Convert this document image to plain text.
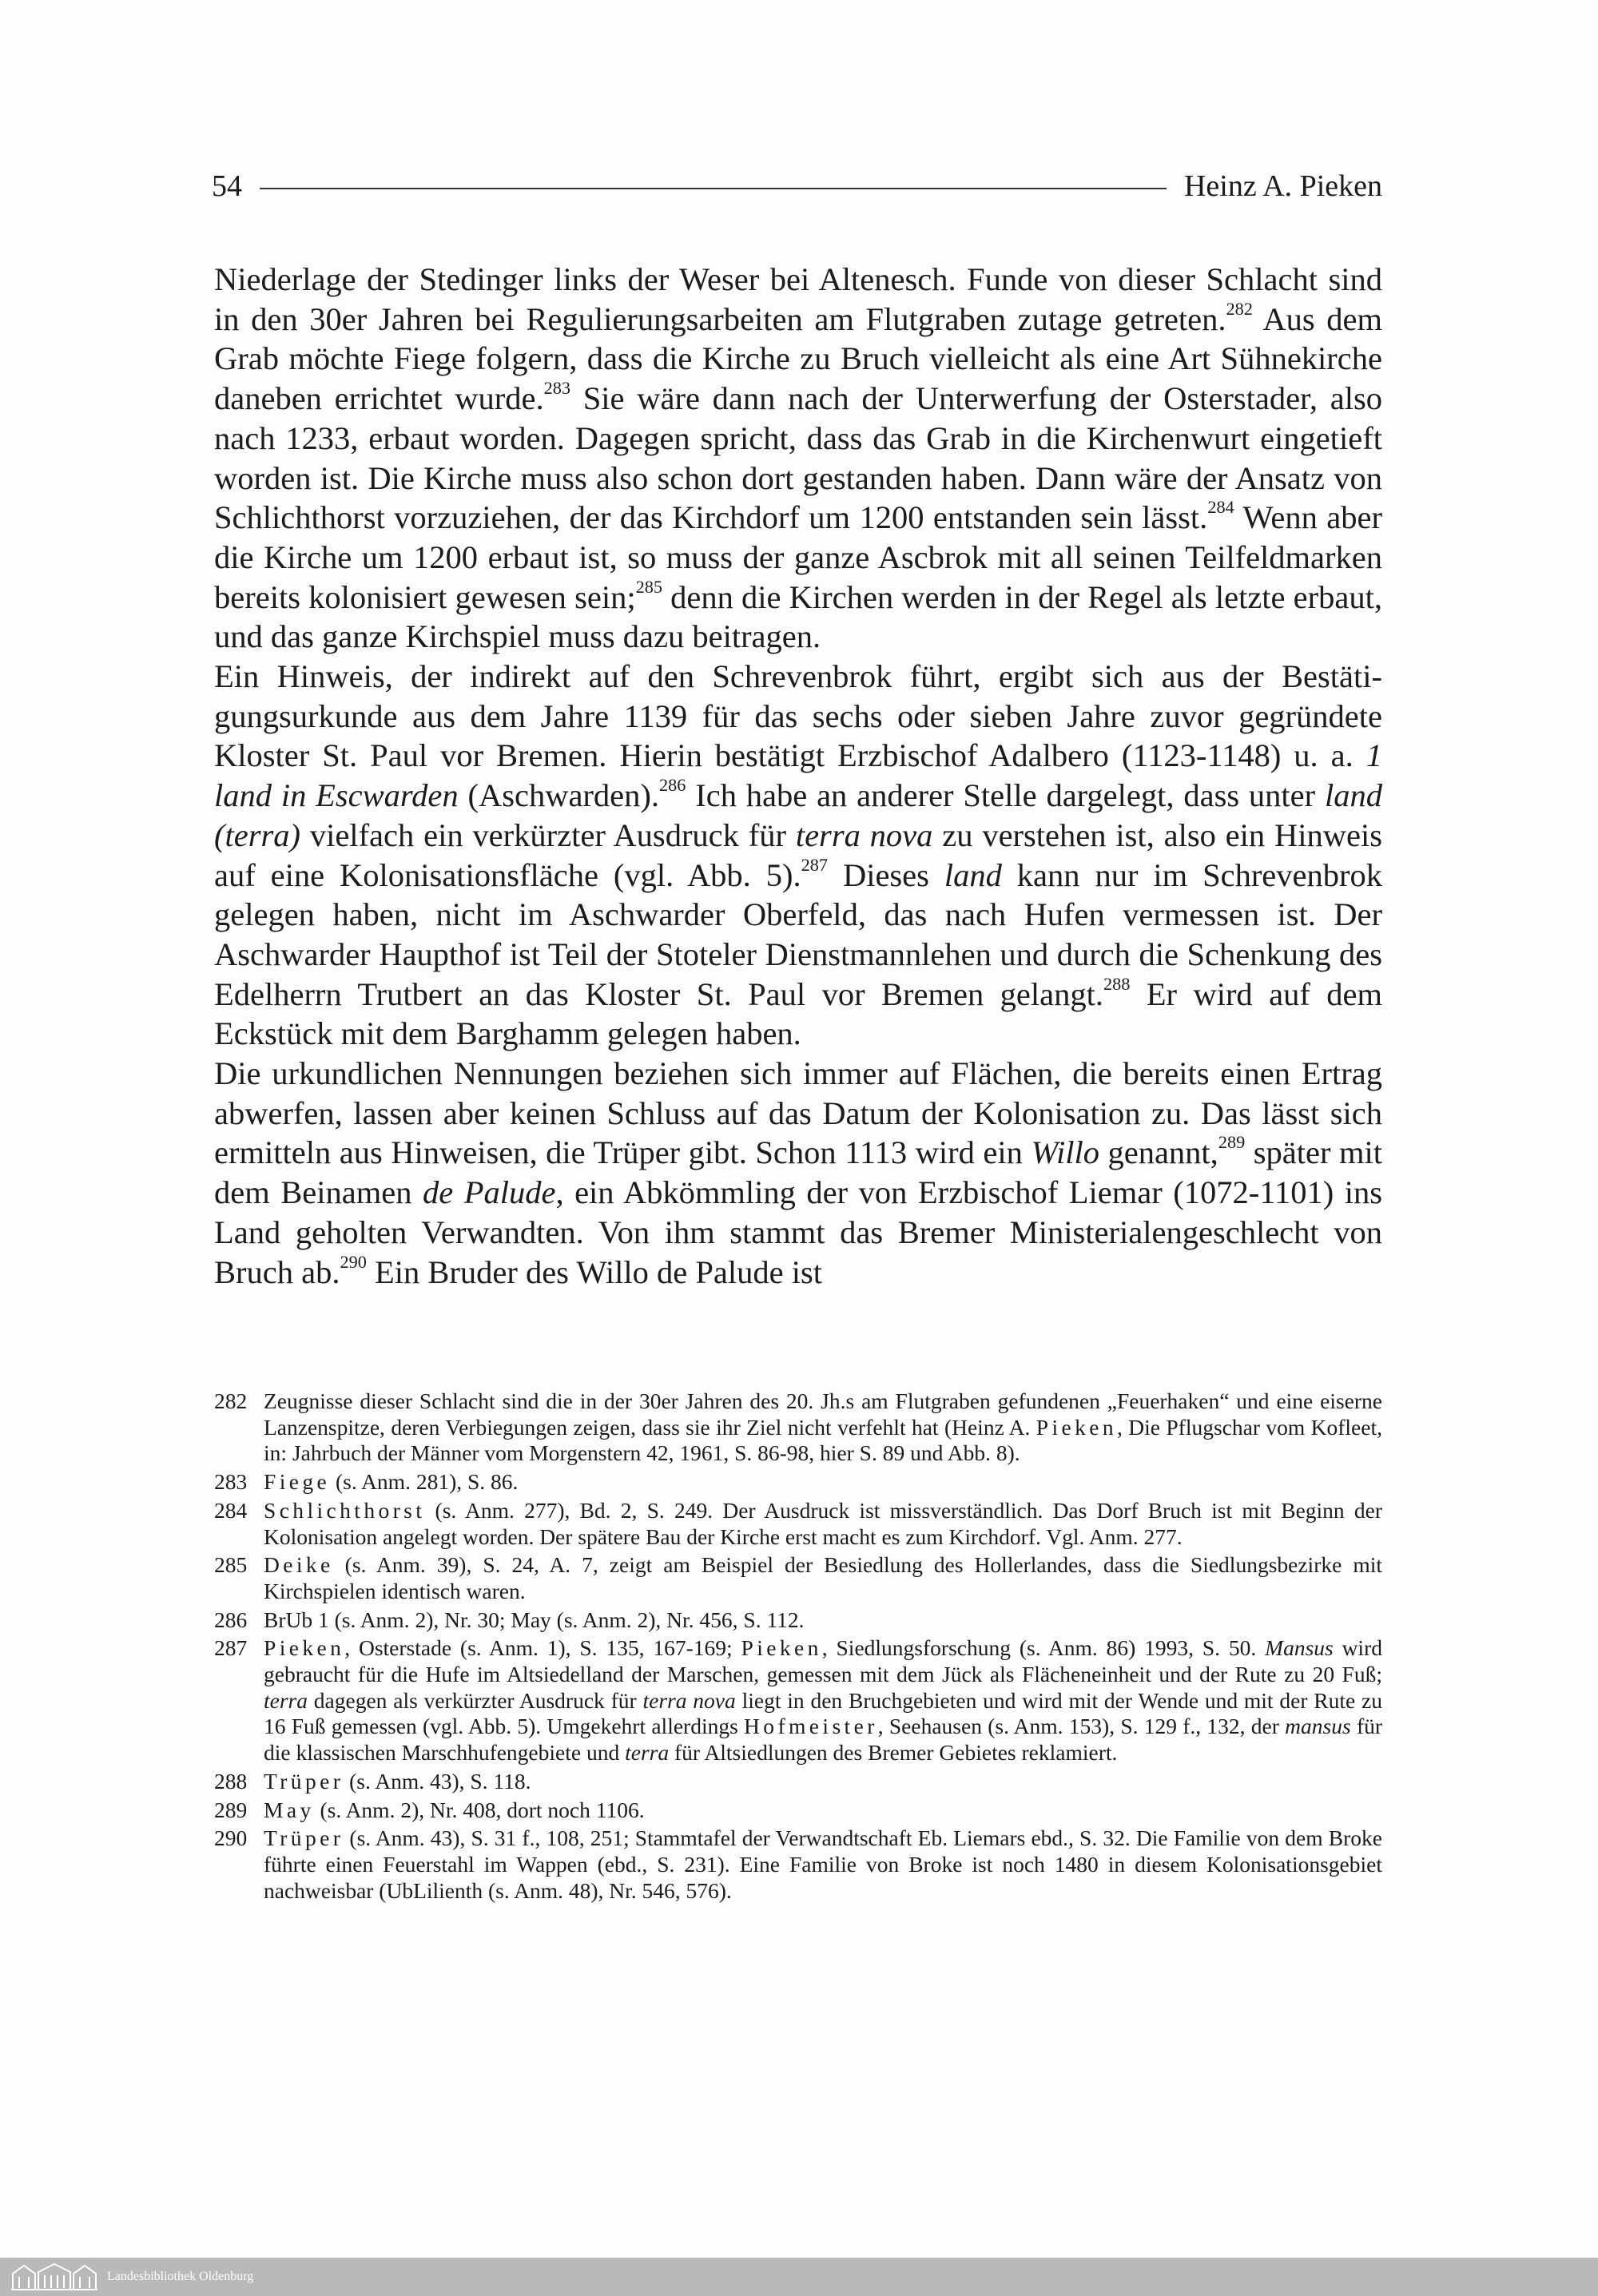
54	Heinz A. Pieken

Niederlage der Stedinger links der Weser bei Altenesch. Funde von dieser Schlacht sind in den 30er Jahren bei Regulierungsarbeiten am Flutgraben zutage getreten.$^{282}$ Aus dem Grab möchte Fiege folgern, dass die Kirche zu Bruch vielleicht als eine Art Sühnekirche daneben errichtet wurde.$^{283}$ Sie wäre dann nach der Unterwerfung der Osterstader, also nach 1233, erbaut worden. Dagegen spricht, dass das Grab in die Kirchenwurt eingetieft worden ist. Die Kirche muss also schon dort gestanden haben. Dann wäre der Ansatz von Schlichthorst vorzuziehen, der das Kirchdorf um 1200 entstanden sein lässt.$^{284}$ Wenn aber die Kirche um 1200 erbaut ist, so muss der ganze Ascbrok mit all seinen Teilfeldmarken bereits kolonisiert gewesen sein;$^{285}$ denn die Kirchen werden in der Regel als letzte erbaut, und das ganze Kirchspiel muss dazu beitragen.

Ein Hinweis, der indirekt auf den Schrevenbrok führt, ergibt sich aus der Bestätigungsurkunde aus dem Jahre 1139 für das sechs oder sieben Jahre zuvor gegründete Kloster St. Paul vor Bremen. Hierin bestätigt Erzbischof Adalbero (1123-1148) u. a. 1 land in Escwarden (Aschwarden).$^{286}$ Ich habe an anderer Stelle dargelegt, dass unter land (terra) vielfach ein verkürzter Ausdruck für terra nova zu verstehen ist, also ein Hinweis auf eine Kolonisationsfläche (vgl. Abb. 5).$^{287}$ Dieses land kann nur im Schrevenbrok gelegen haben, nicht im Aschwarder Oberfeld, das nach Hufen vermessen ist. Der Aschwarder Haupthof ist Teil der Stoteler Dienstmannlehen und durch die Schenkung des Edelherrn Trutbert an das Kloster St. Paul vor Bremen gelangt.$^{288}$ Er wird auf dem Eckstück mit dem Barghamm gelegen haben.

Die urkundlichen Nennungen beziehen sich immer auf Flächen, die bereits einen Ertrag abwerfen, lassen aber keinen Schluss auf das Datum der Kolonisation zu. Das lässt sich ermitteln aus Hinweisen, die Trüper gibt. Schon 1113 wird ein Willo genannt,$^{289}$ später mit dem Beinamen de Palude, ein Abkömmling der von Erzbischof Liemar (1072-1101) ins Land geholten Verwandten. Von ihm stammt das Bremer Ministerialengeschlecht von Bruch ab.$^{290}$ Ein Bruder des Willo de Palude ist

282 Zeugnisse dieser Schlacht sind die in der 30er Jahren des 20. Jh.s am Flutgraben gefundenen „Feuerhaken“ und eine eiserne Lanzenspitze, deren Verbiegungen zeigen, dass sie ihr Ziel nicht verfehlt hat (Heinz A. Pieken, Die Pflugschar vom Kofleet, in: Jahrbuch der Männer vom Morgenstern 42, 1961, S. 86-98, hier S. 89 und Abb. 8).
283 Fiege (s. Anm. 281), S. 86.
284 Schlichthorst (s. Anm. 277), Bd. 2, S. 249. Der Ausdruck ist missverständlich. Das Dorf Bruch ist mit Beginn der Kolonisation angelegt worden. Der spätere Bau der Kirche erst macht es zum Kirchdorf. Vgl. Anm. 277.
285 Deike (s. Anm. 39), S. 24, A. 7, zeigt am Beispiel der Besiedlung des Hollerlandes, dass die Siedlungsbezirke mit Kirchspielen identisch waren.
286 BrUb 1 (s. Anm. 2), Nr. 30; May (s. Anm. 2), Nr. 456, S. 112.
287 Pieken, Osterstade (s. Anm. 1), S. 135, 167-169; Pieken, Siedlungsforschung (s. Anm. 86) 1993, S. 50. Mansus wird gebraucht für die Hufe im Altsiedelland der Marschen, gemessen mit dem Jück als Flächeneinheit und der Rute zu 20 Fuß; terra dagegen als verkürzter Ausdruck für terra nova liegt in den Bruchgebieten und wird mit der Wende und mit der Rute zu 16 Fuß gemessen (vgl. Abb. 5). Umgekehrt allerdings Hofmeister, Seehausen (s. Anm. 153), S. 129 f., 132, der mansus für die klassischen Marschhufengebiete und terra für Altsiedlungen des Bremer Gebietes reklamiert.
288 Trüper (s. Anm. 43), S. 118.
289 May (s. Anm. 2), Nr. 408, dort noch 1106.
290 Trüper (s. Anm. 43), S. 31 f., 108, 251; Stammtafel der Verwandtschaft Eb. Liemars ebd., S. 32. Die Familie von dem Broke führte einen Feuerstahl im Wappen (ebd., S. 231). Eine Familie von Broke ist noch 1480 in diesem Kolonisationsgebiet nachweisbar (UbLilienth (s. Anm. 48), Nr. 546, 576).
Landesbibliothek Oldenburg
